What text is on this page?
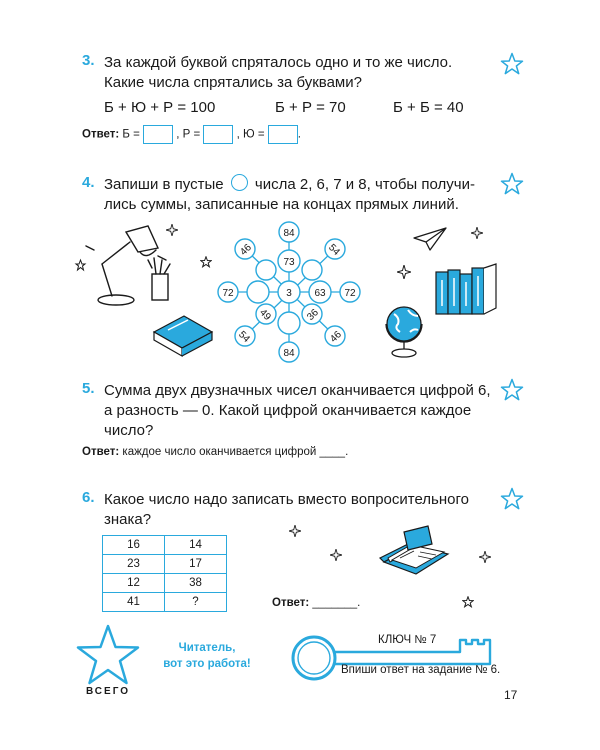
3. За каждой буквой спряталось одно и то же число.
Какие числа спрятались за буквами?
Б + Ю + Р = 100	Б + Р = 70	Б + Б = 40
Ответ: Б =	, Р =	, Ю =	.
4. Запиши в пустые числа 2, 6, 7 и 8, чтобы получи-
лись суммы, записанные на концах прямых линий.
3
73
63
84
84
72	72
46	54
54	46
49	36
5. Сумма двух двузначных чисел оканчивается цифрой 6,
а разность — 0. Какой цифрой оканчивается каждое
число?
Ответ: каждое число оканчивается цифрой ____.
6. Какое число надо записать вместо вопросительного
знака?
16	14
23	17
12	38
41	?	Ответ: _______.
ВСЕГО
Читатель,
вот это работа!
КЛЮЧ № 7
Впиши ответ на задание № 6.
17
